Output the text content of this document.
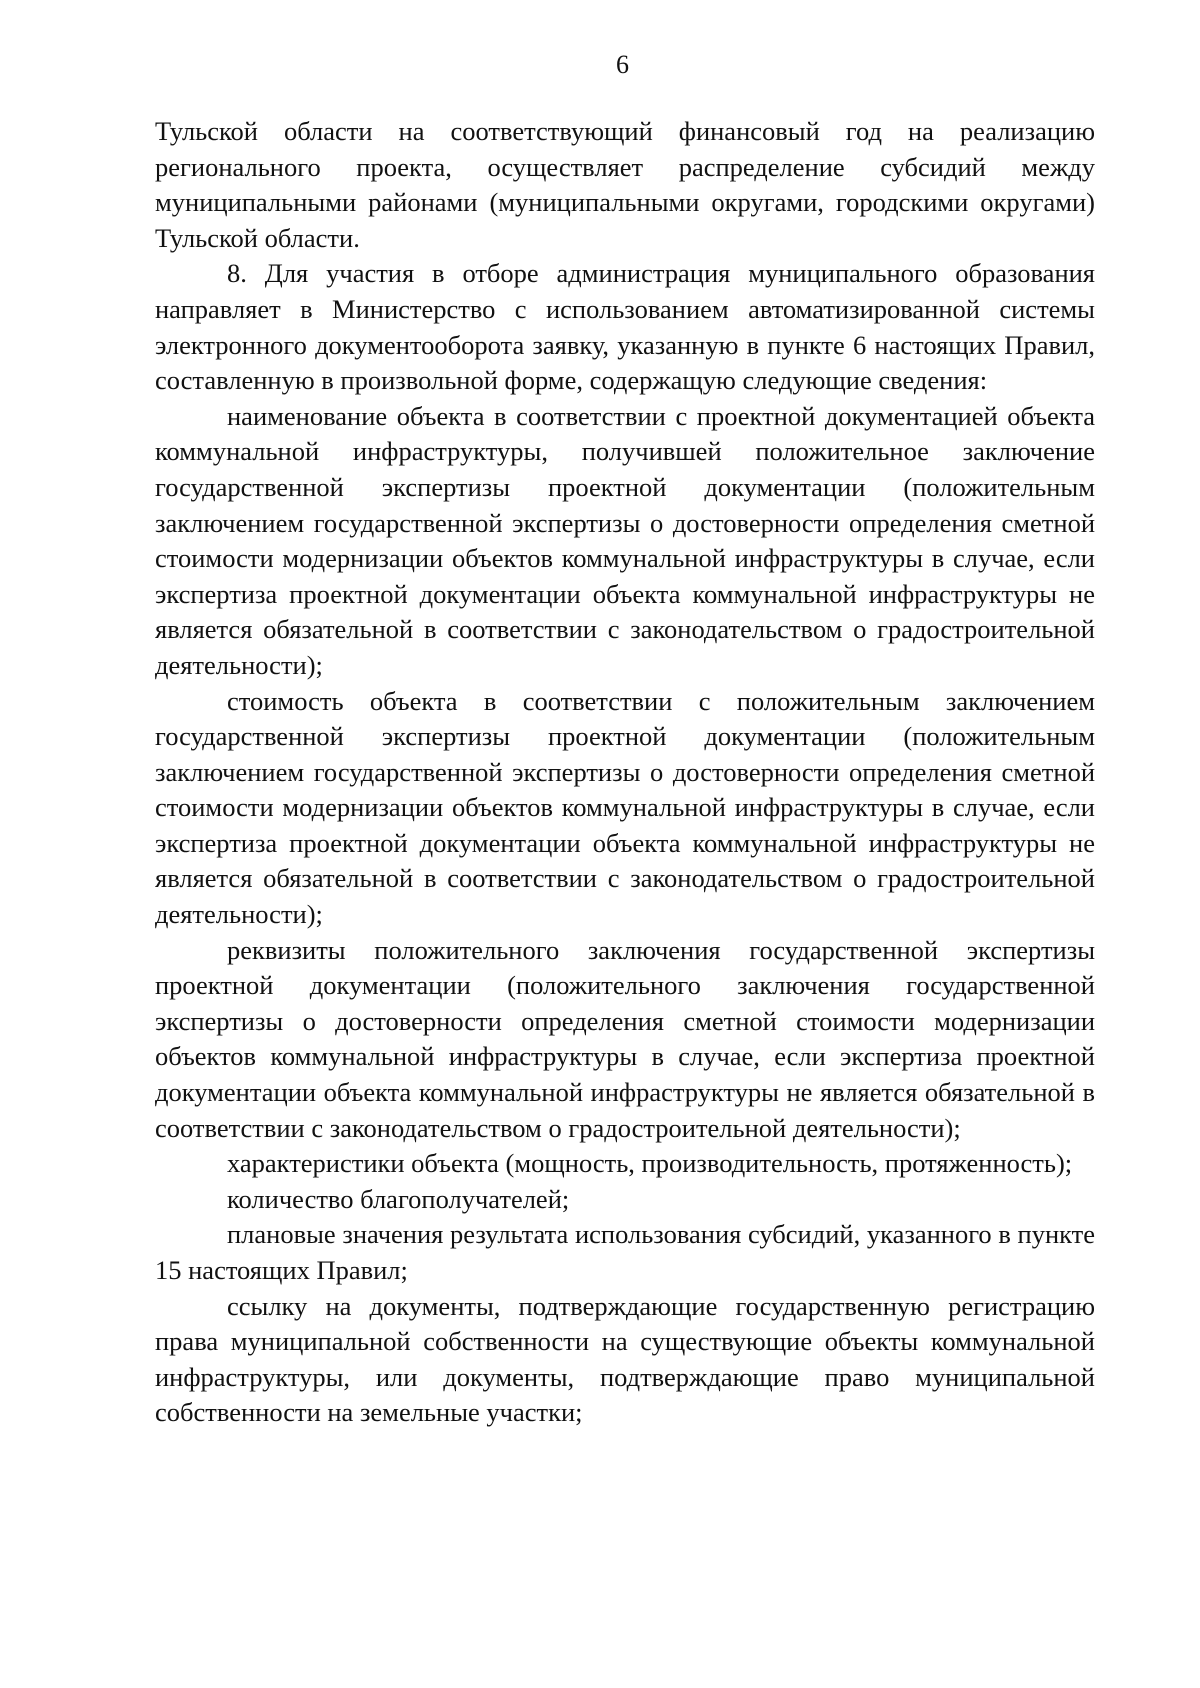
6

Тульской области на соответствующий финансовый год на реализацию регионального проекта, осуществляет распределение субсидий между муниципальными районами (муниципальными округами, городскими округами) Тульской области.

8. Для участия в отборе администрация муниципального образования направляет в Министерство с использованием автоматизированной системы электронного документооборота заявку, указанную в пункте 6 настоящих Правил, составленную в произвольной форме, содержащую следующие сведения:

наименование объекта в соответствии с проектной документацией объекта коммунальной инфраструктуры, получившей положительное заключение государственной экспертизы проектной документации (положительным заключением государственной экспертизы о достоверности определения сметной стоимости модернизации объектов коммунальной инфраструктуры в случае, если экспертиза проектной документации объекта коммунальной инфраструктуры не является обязательной в соответствии с законодательством о градостроительной деятельности);

стоимость объекта в соответствии с положительным заключением государственной экспертизы проектной документации (положительным заключением государственной экспертизы о достоверности определения сметной стоимости модернизации объектов коммунальной инфраструктуры в случае, если экспертиза проектной документации объекта коммунальной инфраструктуры не является обязательной в соответствии с законодательством о градостроительной деятельности);

реквизиты положительного заключения государственной экспертизы проектной документации (положительного заключения государственной экспертизы о достоверности определения сметной стоимости модернизации объектов коммунальной инфраструктуры в случае, если экспертиза проектной документации объекта коммунальной инфраструктуры не является обязательной в соответствии с законодательством о градостроительной деятельности);

характеристики объекта (мощность, производительность, протяженность);

количество благополучателей;

плановые значения результата использования субсидий, указанного в пункте 15 настоящих Правил;

ссылку на документы, подтверждающие государственную регистрацию права муниципальной собственности на существующие объекты коммунальной инфраструктуры, или документы, подтверждающие право муниципальной собственности на земельные участки;
